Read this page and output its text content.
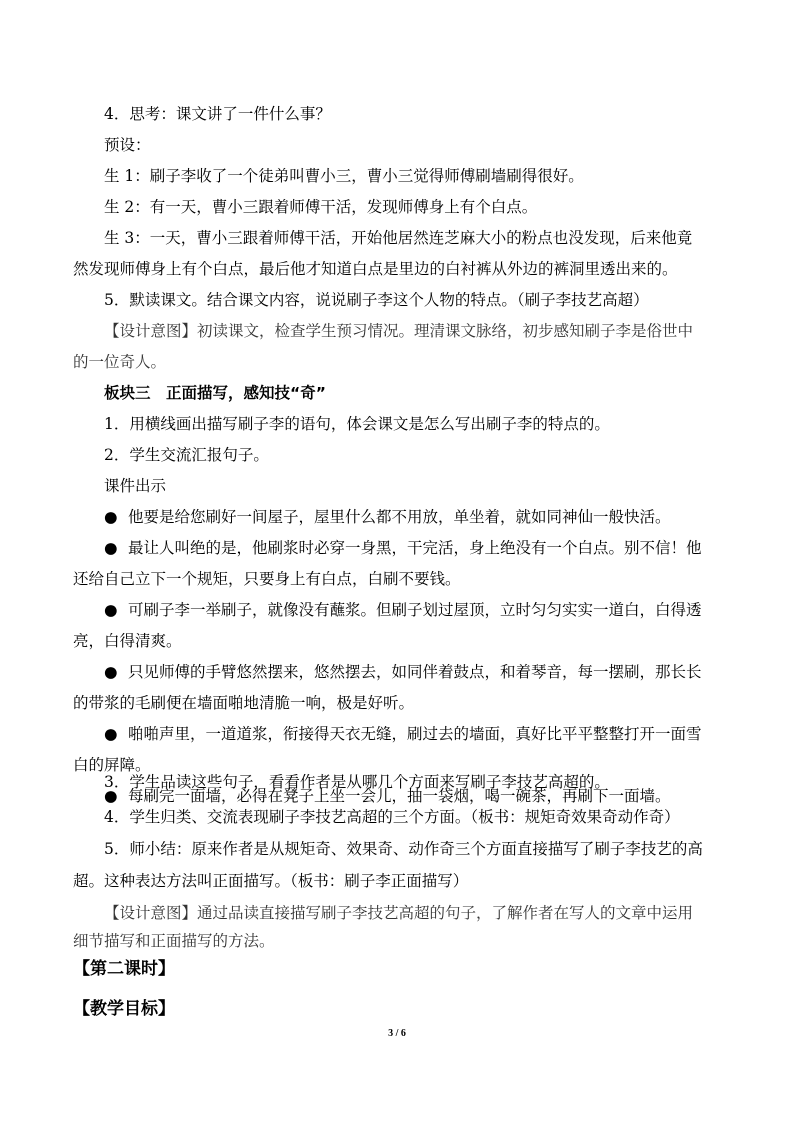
4．思考：课文讲了一件什么事？
预设：
生 1：刷子李收了一个徒弟叫曹小三，曹小三觉得师傅刷墙刷得很好。
生 2：有一天，曹小三跟着师傅干活，发现师傅身上有个白点。
生 3：一天，曹小三跟着师傅干活，开始他居然连芝麻大小的粉点也没发现，后来他竟
然发现师傅身上有个白点，最后他才知道白点是里边的白衬裤从外边的裤洞里透出来的。
5．默读课文。结合课文内容，说说刷子李这个人物的特点。（刷子李技艺高超）
【设计意图】初读课文，检查学生预习情况。理清课文脉络，初步感知刷子李是俗世中
的一位奇人。
板块三　正面描写，感知技“奇”
1．用横线画出描写刷子李的语句，体会课文是怎么写出刷子李的特点的。
2．学生交流汇报句子。
课件出示
● 他要是给您刷好一间屋子，屋里什么都不用放，单坐着，就如同神仙一般快活。
● 最让人叫绝的是，他刷浆时必穿一身黑，干完活，身上绝没有一个白点。别不信！他
还给自己立下一个规矩，只要身上有白点，白刷不要钱。
● 可刷子李一举刷子，就像没有蘸浆。但刷子划过屋顶，立时匀匀实实一道白，白得透
亮，白得清爽。
● 只见师傅的手臂悠然摆来，悠然摆去，如同伴着鼓点，和着琴音，每一摆刷，那长长
的带浆的毛刷便在墙面啪地清脆一响，极是好听。
● 啪啪声里，一道道浆，衔接得天衣无缝，刷过去的墙面，真好比平平整整打开一面雪
白的屏障。
● 每刷完一面墙，必得在凳子上坐一会儿，抽一袋烟，喝一碗茶，再刷下一面墙。
3．学生品读这些句子，看看作者是从哪几个方面来写刷子李技艺高超的。
4．学生归类、交流表现刷子李技艺高超的三个方面。（板书：规矩奇效果奇动作奇）
5．师小结：原来作者是从规矩奇、效果奇、动作奇三个方面直接描写了刷子李技艺的高
超。这种表达方法叫正面描写。（板书：刷子李正面描写）
【设计意图】通过品读直接描写刷子李技艺高超的句子，了解作者在写人的文章中运用
细节描写和正面描写的方法。
【第二课时】
【教学目标】
3 / 6
